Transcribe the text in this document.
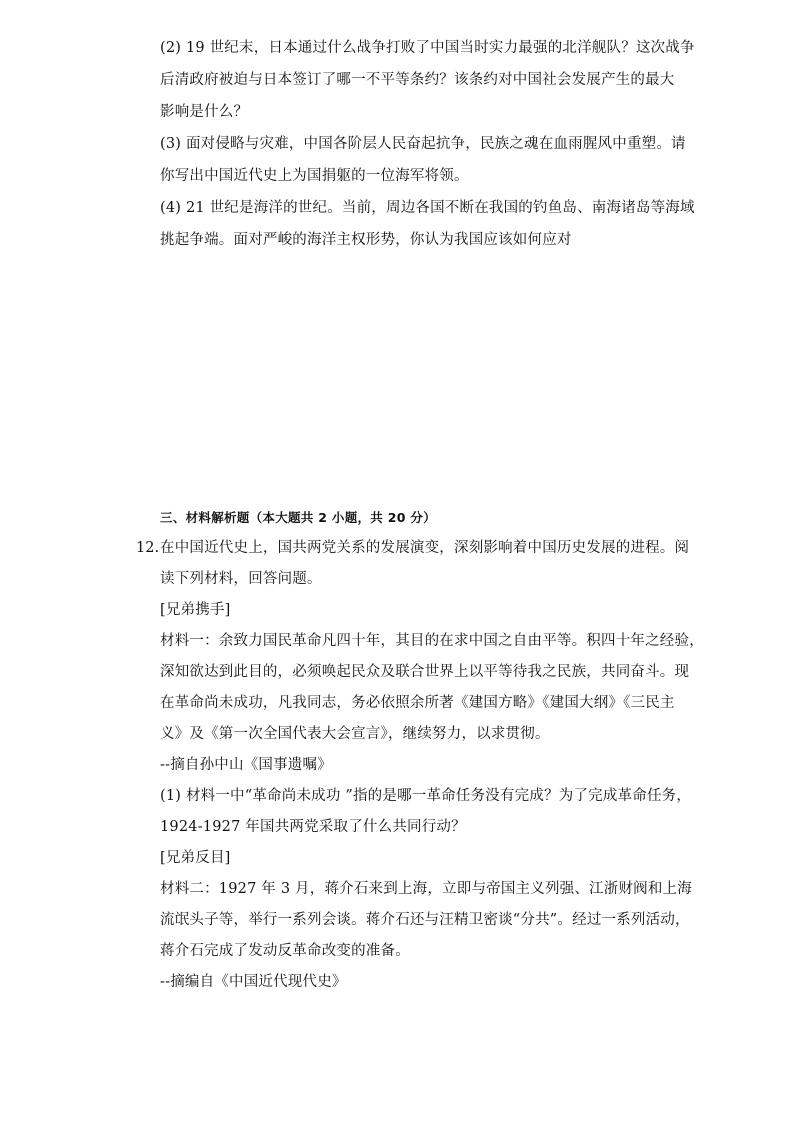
(2) 19 世纪末，日本通过什么战争打败了中国当时实力最强的北洋舰队？这次战争
后清政府被迫与日本签订了哪一不平等条约？该条约对中国社会发展产生的最大
影响是什么？
(3) 面对侵略与灾难，中国各阶层人民奋起抗争，民族之魂在血雨腥风中重塑。请
你写出中国近代史上为国捐躯的一位海军将领。
(4) 21 世纪是海洋的世纪。当前，周边各国不断在我国的钓鱼岛、南海诸岛等海域
挑起争端。面对严峻的海洋主权形势，你认为我国应该如何应对
三、材料解析题（本大题共 2 小题，共 20 分）
12. 在中国近代史上，国共两党关系的发展演变，深刻影响着中国历史发展的进程。阅
读下列材料，回答问题。
[兄弟携手]
材料一：余致力国民革命凡四十年，其目的在求中国之自由平等。积四十年之经验，
深知欲达到此目的，必须唤起民众及联合世界上以平等待我之民族，共同奋斗。现
在革命尚未成功，凡我同志，务必依照余所著《建国方略》《建国大纲》《三民主
义》及《第一次全国代表大会宣言》，继续努力，以求贯彻。
--摘自孙中山《国事遗嘱》
(1) 材料一中“革命尚未成功 ”指的是哪一革命任务没有完成？为了完成革命任务，
1924-1927 年国共两党采取了什么共同行动？
[兄弟反目]
材料二：1927 年 3 月，蒋介石来到上海，立即与帝国主义列强、江浙财阀和上海
流氓头子等，举行一系列会谈。蒋介石还与汪精卫密谈“分共”。经过一系列活动，
蒋介石完成了发动反革命改变的准备。
--摘编自《中国近代现代史》
